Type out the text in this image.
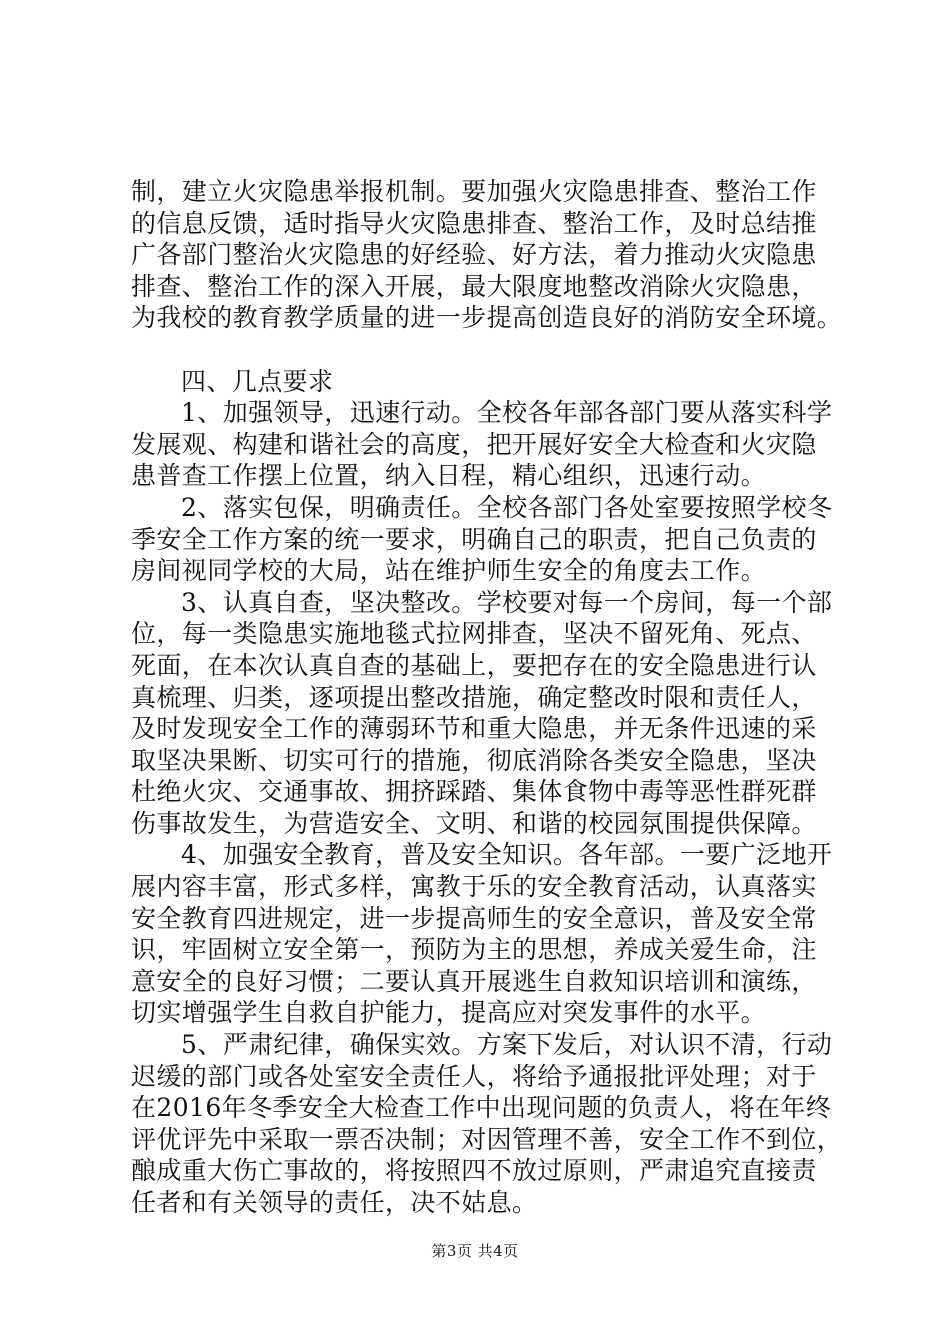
制，建立火灾隐患举报机制。要加强火灾隐患排查、整治工作
的信息反馈，适时指导火灾隐患排查、整治工作，及时总结推
广各部门整治火灾隐患的好经验、好方法，着力推动火灾隐患
排查、整治工作的深入开展，最大限度地整改消除火灾隐患，
为我校的教育教学质量的进一步提高创造良好的消防安全环境。

四、几点要求

1、加强领导，迅速行动。全校各年部各部门要从落实科学
发展观、构建和谐社会的高度，把开展好安全大检查和火灾隐
患普查工作摆上位置，纳入日程，精心组织，迅速行动。

2、落实包保，明确责任。全校各部门各处室要按照学校冬
季安全工作方案的统一要求，明确自己的职责，把自己负责的
房间视同学校的大局，站在维护师生安全的角度去工作。

3、认真自查，坚决整改。学校要对每一个房间，每一个部
位，每一类隐患实施地毯式拉网排查，坚决不留死角、死点、
死面，在本次认真自查的基础上，要把存在的安全隐患进行认
真梳理、归类，逐项提出整改措施，确定整改时限和责任人，
及时发现安全工作的薄弱环节和重大隐患，并无条件迅速的采
取坚决果断、切实可行的措施，彻底消除各类安全隐患，坚决
杜绝火灾、交通事故、拥挤踩踏、集体食物中毒等恶性群死群
伤事故发生，为营造安全、文明、和谐的校园氛围提供保障。

4、加强安全教育，普及安全知识。各年部。一要广泛地开
展内容丰富，形式多样，寓教于乐的安全教育活动，认真落实
安全教育四进规定，进一步提高师生的安全意识，普及安全常
识，牢固树立安全第一，预防为主的思想，养成关爱生命，注
意安全的良好习惯；二要认真开展逃生自救知识培训和演练，
切实增强学生自救自护能力，提高应对突发事件的水平。

5、严肃纪律，确保实效。方案下发后，对认识不清，行动
迟缓的部门或各处室安全责任人，将给予通报批评处理；对于
在2016年冬季安全大检查工作中出现问题的负责人，将在年终
评优评先中采取一票否决制；对因管理不善，安全工作不到位，
酿成重大伤亡事故的，将按照四不放过原则，严肃追究直接责
任者和有关领导的责任，决不姑息。

第3页 共4页
